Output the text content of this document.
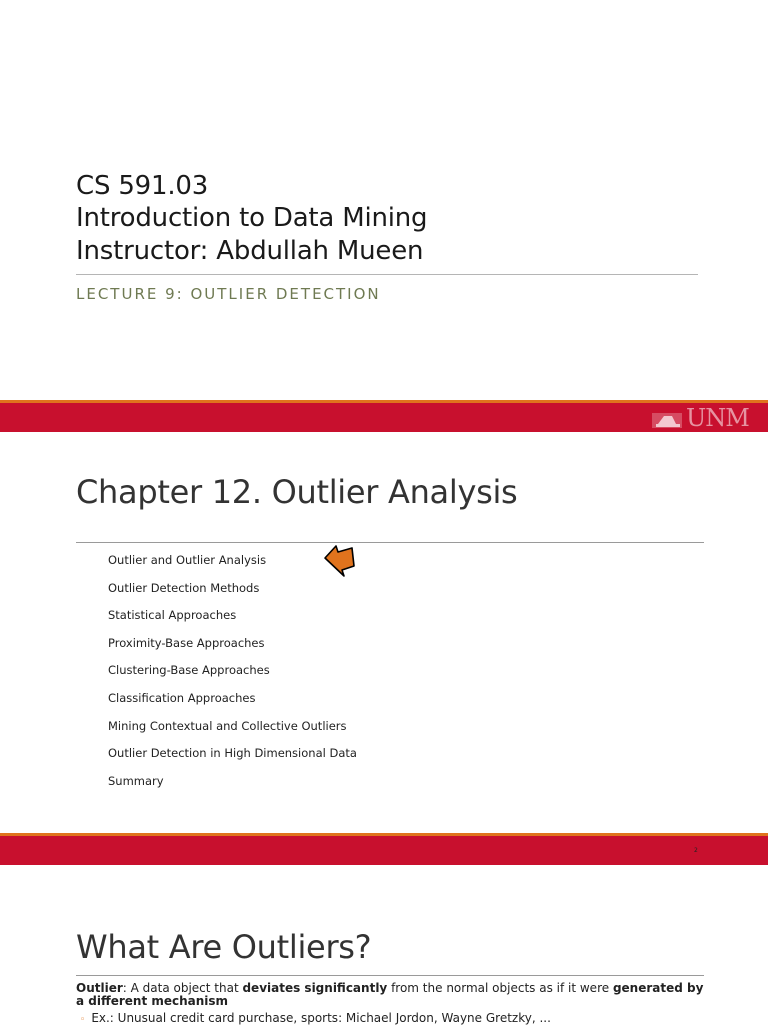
CS 591.03
Introduction to Data Mining
Instructor: Abdullah Mueen
LECTURE 9: OUTLIER DETECTION
UNM
Chapter 12. Outlier Analysis
Outlier and Outlier Analysis
Outlier Detection Methods
Statistical Approaches
Proximity-Base Approaches
Clustering-Base Approaches
Classification Approaches
Mining Contextual and Collective Outliers
Outlier Detection in High Dimensional Data
Summary
2
What Are Outliers?
Outlier: A data object that deviates significantly from the normal objects as if it were generated by a different mechanism
◦ Ex.: Unusual credit card purchase, sports: Michael Jordon, Wayne Gretzky, ...
